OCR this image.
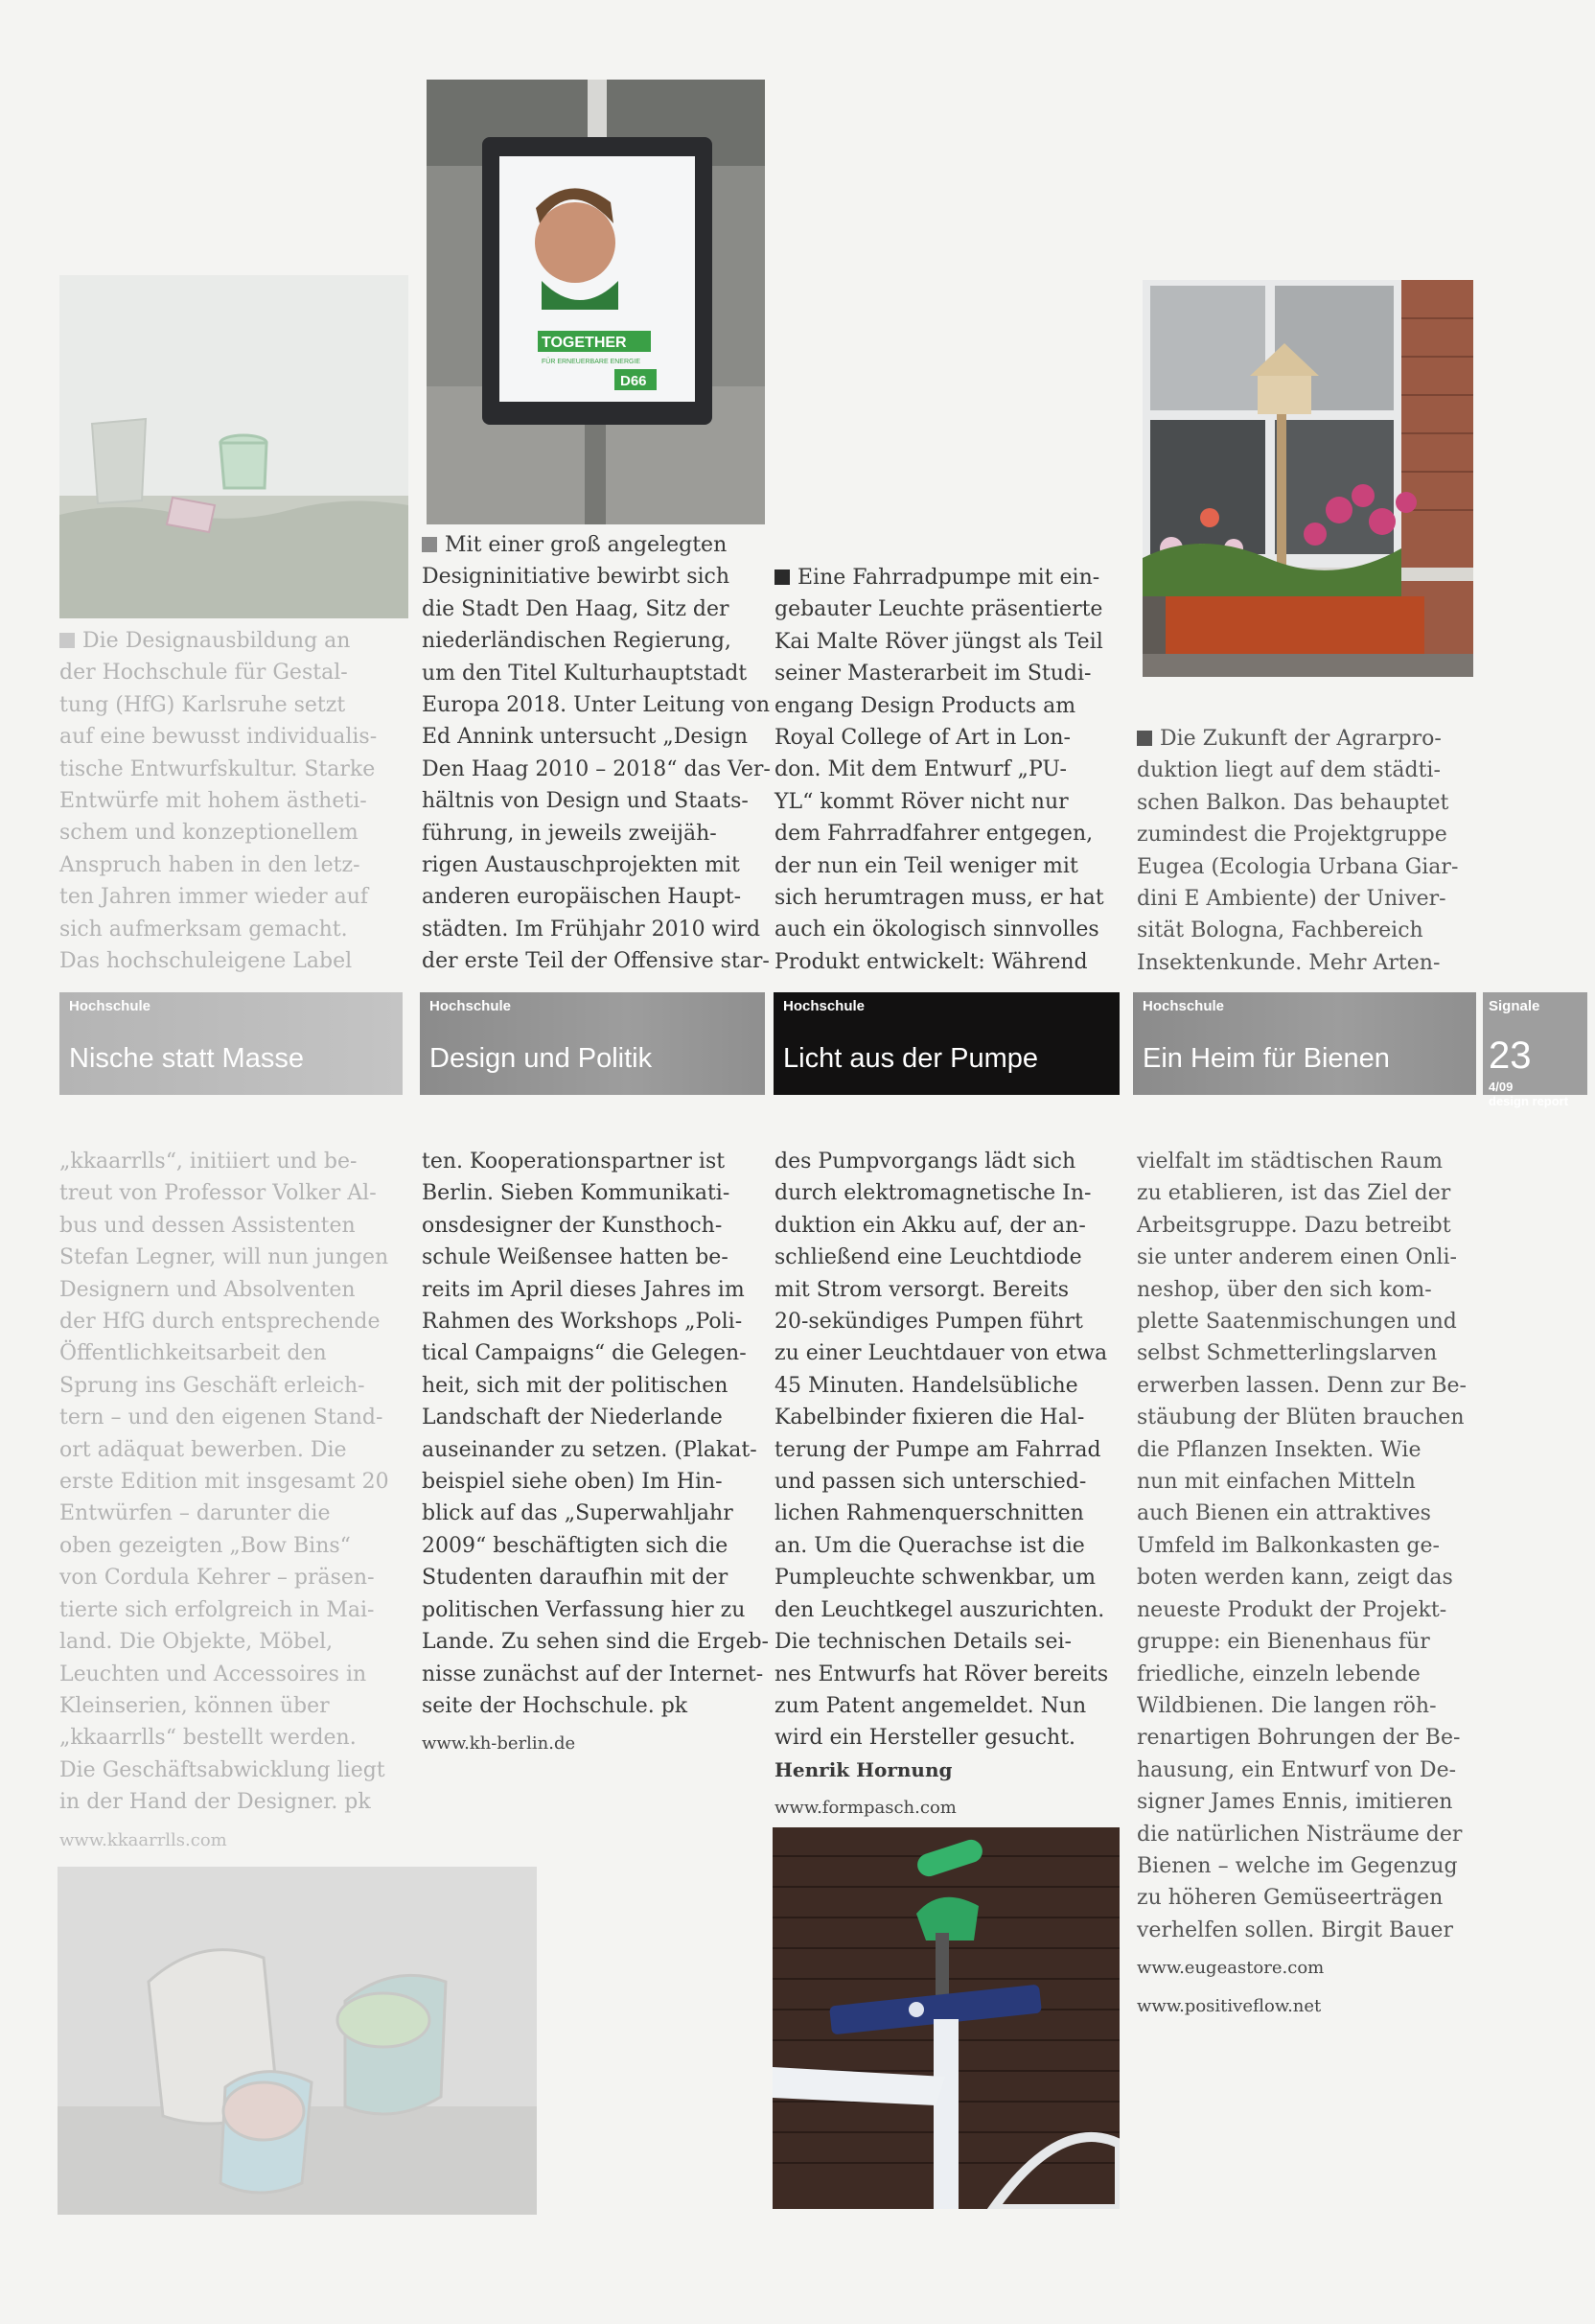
TOGETHER
FÜR ERNEUERBARE ENERGIE
D66

Die Designausbildung an

der Hochschule für Gestal-

tung (HfG) Karlsruhe setzt

auf eine bewusst individualis-

tische Entwurfskultur. Starke

Entwürfe mit hohem ästheti-

schem und konzeptionellem

Anspruch haben in den letz-

ten Jahren immer wieder auf

sich aufmerksam gemacht.

Das hochschuleigene Label

Mit einer groß angelegten

Designinitiative bewirbt sich

die Stadt Den Haag, Sitz der

niederländischen Regierung,

um den Titel Kulturhauptstadt

Europa 2018. Unter Leitung von

Ed Annink untersucht „Design

Den Haag 2010 – 2018“ das Ver-

hältnis von Design und Staats-

führung, in jeweils zweijäh-

rigen Austauschprojekten mit

anderen europäischen Haupt-

städten. Im Frühjahr 2010 wird

der erste Teil der Offensive star-

Eine Fahrradpumpe mit ein-

gebauter Leuchte präsentierte

Kai Malte Röver jüngst als Teil

seiner Masterarbeit im Studi-

engang Design Products am

Royal College of Art in Lon-

don. Mit dem Entwurf „PU-

YL“ kommt Röver nicht nur

dem Fahrradfahrer entgegen,

der nun ein Teil weniger mit

sich herumtragen muss, er hat

auch ein ökologisch sinnvolles

Produkt entwickelt: Während

Die Zukunft der Agrarpro-

duktion liegt auf dem städti-

schen Balkon. Das behauptet

zumindest die Projektgruppe

Eugea (Ecologia Urbana Giar-

dini E Ambiente) der Univer-

sität Bologna, Fachbereich

Insektenkunde. Mehr Arten-

Hochschule
Nische statt Masse
Hochschule
Design und Politik
Hochschule
Licht aus der Pumpe
Hochschule
Ein Heim für Bienen
Signale
23
4/09
design report

„kkaarrlls“, initiiert und be-

treut von Professor Volker Al-

bus und dessen Assistenten

Stefan Legner, will nun jungen

Designern und Absolventen

der HfG durch entsprechende

Öffentlichkeitsarbeit den

Sprung ins Geschäft erleich-

tern – und den eigenen Stand-

ort adäquat bewerben. Die

erste Edition mit insgesamt 20

Entwürfen – darunter die

oben gezeigten „Bow Bins“

von Cordula Kehrer – präsen-

tierte sich erfolgreich in Mai-

land. Die Objekte, Möbel,

Leuchten und Accessoires in

Kleinserien, können über

„kkaarrlls“ bestellt werden.

Die Geschäftsabwicklung liegt

in der Hand der Designer. pk

www.kkaarrlls.com

ten. Kooperationspartner ist

Berlin. Sieben Kommunikati-

onsdesigner der Kunsthoch-

schule Weißensee hatten be-

reits im April dieses Jahres im

Rahmen des Workshops „Poli-

tical Campaigns“ die Gelegen-

heit, sich mit der politischen

Landschaft der Niederlande

auseinander zu setzen. (Plakat-

beispiel siehe oben) Im Hin-

blick auf das „Superwahljahr

2009“ beschäftigten sich die

Studenten daraufhin mit der

politischen Verfassung hier zu

Lande. Zu sehen sind die Ergeb-

nisse zunächst auf der Internet-

seite der Hochschule. pk

www.kh-berlin.de

des Pumpvorgangs lädt sich

durch elektromagnetische In-

duktion ein Akku auf, der an-

schließend eine Leuchtdiode

mit Strom versorgt. Bereits

20-sekündiges Pumpen führt

zu einer Leuchtdauer von etwa

45 Minuten. Handelsübliche

Kabelbinder fixieren die Hal-

terung der Pumpe am Fahrrad

und passen sich unterschied-

lichen Rahmenquerschnitten

an. Um die Querachse ist die

Pumpleuchte schwenkbar, um

den Leuchtkegel auszurichten.

Die technischen Details sei-

nes Entwurfs hat Röver bereits

zum Patent angemeldet. Nun

wird ein Hersteller gesucht.

Henrik Hornung

www.formpasch.com

vielfalt im städtischen Raum

zu etablieren, ist das Ziel der

Arbeitsgruppe. Dazu betreibt

sie unter anderem einen Onli-

neshop, über den sich kom-

plette Saatenmischungen und

selbst Schmetterlingslarven

erwerben lassen. Denn zur Be-

stäubung der Blüten brauchen

die Pflanzen Insekten. Wie

nun mit einfachen Mitteln

auch Bienen ein attraktives

Umfeld im Balkonkasten ge-

boten werden kann, zeigt das

neueste Produkt der Projekt-

gruppe: ein Bienenhaus für

friedliche, einzeln lebende

Wildbienen. Die langen röh-

renartigen Bohrungen der Be-

hausung, ein Entwurf von De-

signer James Ennis, imitieren

die natürlichen Nisträume der

Bienen – welche im Gegenzug

zu höheren Gemüseerträgen

verhelfen sollen. Birgit Bauer

www.eugeastore.com

www.positiveflow.net
